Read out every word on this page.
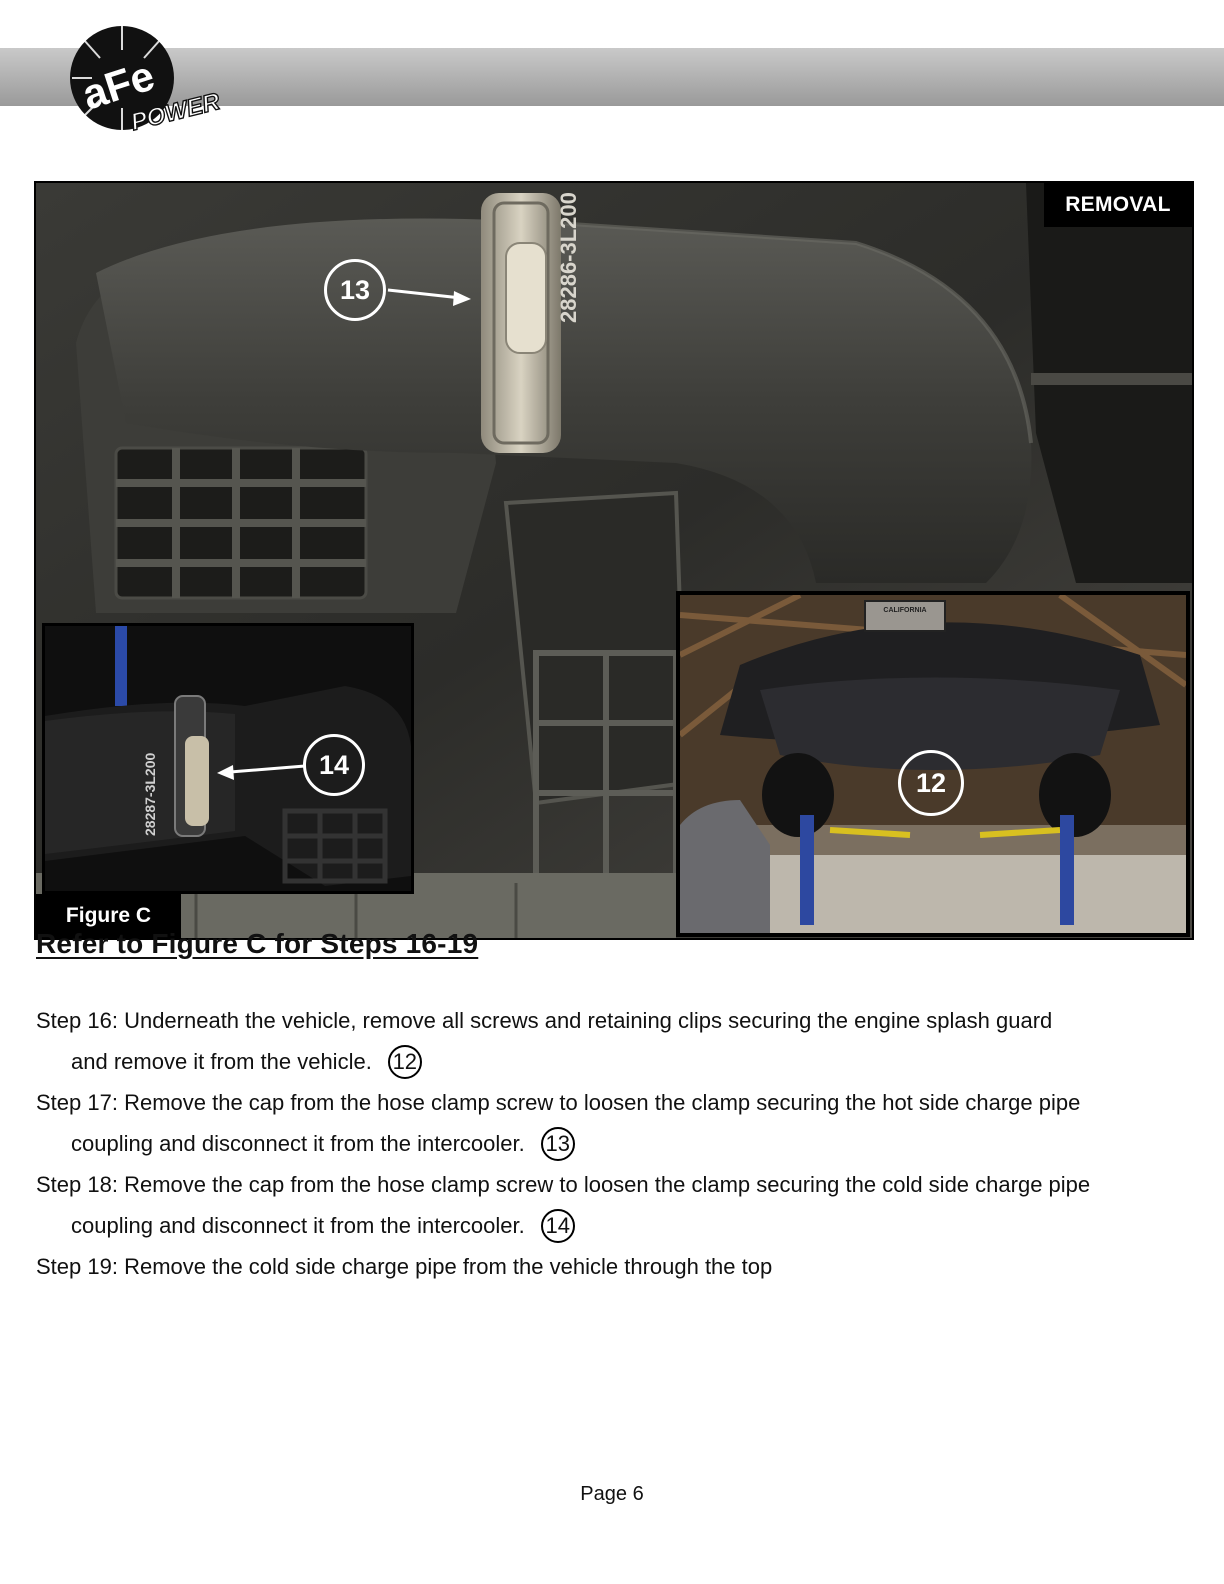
aFe
POWER
28286-3L200
13
REMOVAL
28287-3L200	14
CALIFORNIA
12
Figure C
Refer to Figure C for Steps 16-19
Step 16: Underneath the vehicle, remove all screws and retaining clips securing the engine splash guard
and remove it from the vehicle. 12
Step 17: Remove the cap from the hose clamp screw to loosen the clamp securing the hot side charge pipe
coupling and disconnect it from the intercooler. 13
Step 18: Remove the cap from the hose clamp screw to loosen the clamp securing the cold side charge pipe
coupling and disconnect it from the intercooler. 14
Step 19: Remove the cold side charge pipe from the vehicle through the top
Page 6
